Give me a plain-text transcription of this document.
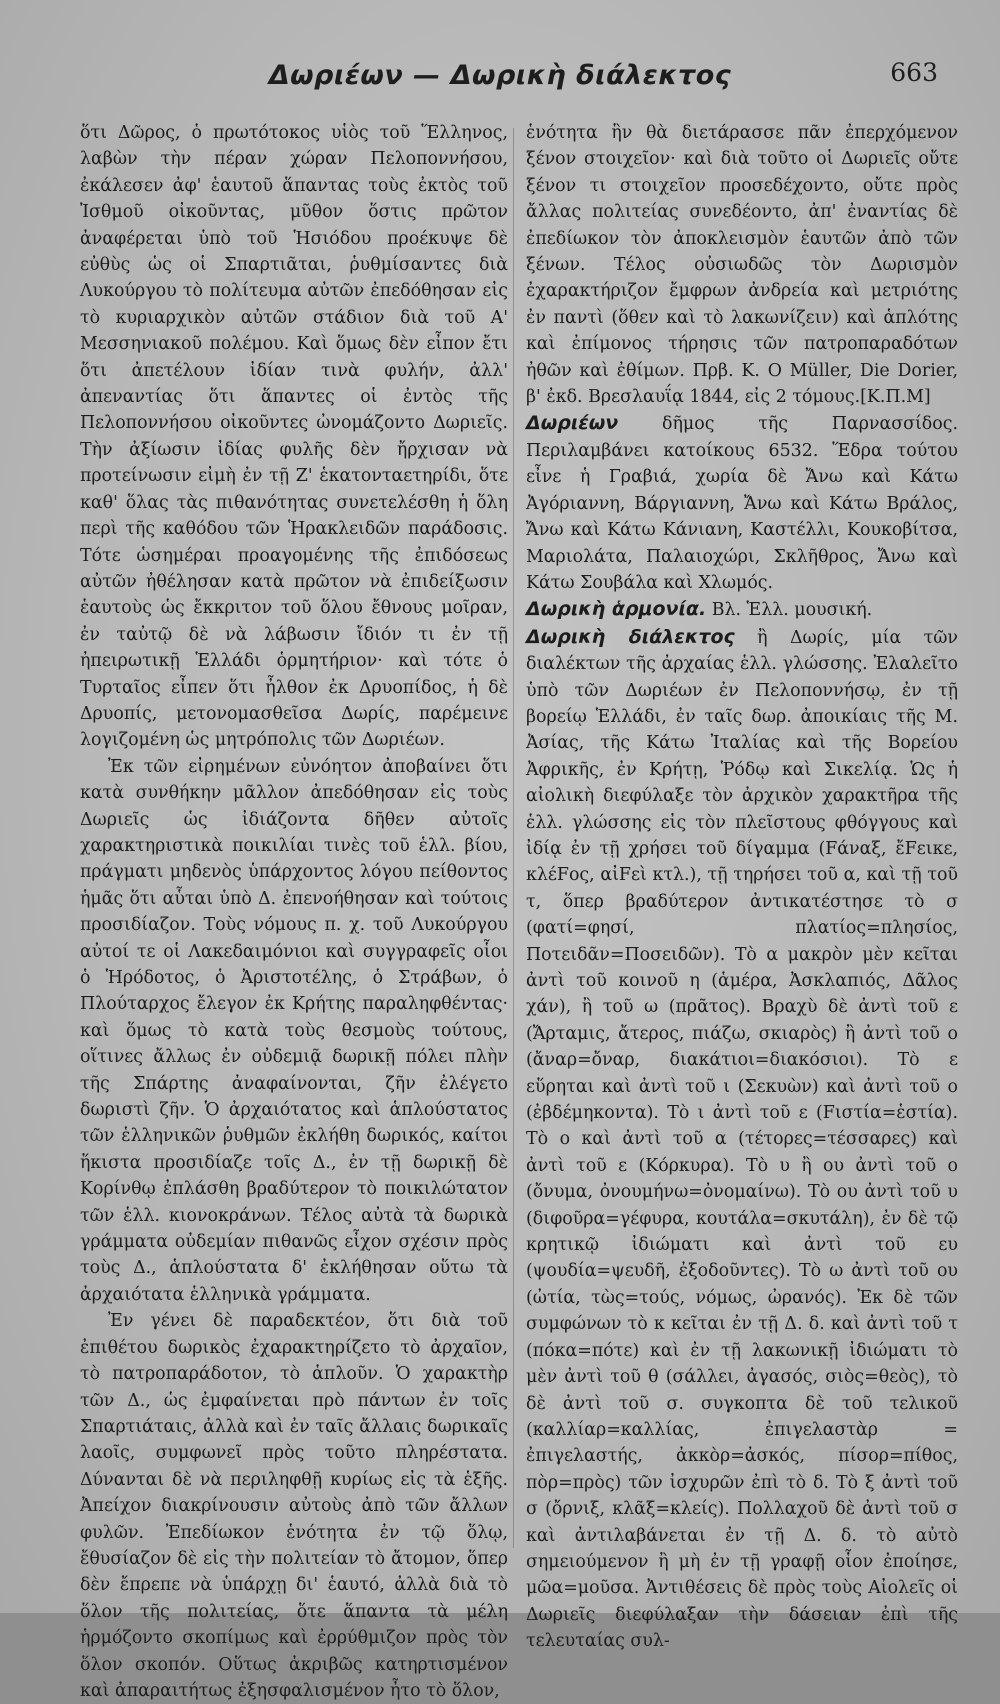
Δωριέων — Δωρικὴ διάλεκτος	663

ὅτι Δῶρος, ὁ πρωτότοκος υἱὸς τοῦ Ἕλληνος, λαβὼν τὴν πέραν χώραν Πελοποννήσου, ἐκάλεσεν ἀφ' ἑαυτοῦ ἅπαντας τοὺς ἐκτὸς τοῦ Ἰσθμοῦ οἰκοῦντας, μῦθον ὅστις πρῶτον ἀναφέρεται ὑπὸ τοῦ Ἡσιόδου προέκυψε δὲ εὐθὺς ὡς οἱ Σπαρτιᾶται, ῥυθμίσαντες διὰ Λυκούργου τὸ πολίτευμα αὐτῶν ἐπεδόθησαν εἰς τὸ κυριαρχικὸν αὐτῶν στάδιον διὰ τοῦ Α' Μεσσηνιακοῦ πολέμου. Καὶ ὅμως δὲν εἶπον ἔτι ὅτι ἀπετέλουν ἰδίαν τινὰ φυλήν, ἀλλ' ἀπεναντίας ὅτι ἅπαντες οἱ ἐντὸς τῆς Πελοποννήσου οἰκοῦντες ὠνομάζοντο Δωριεῖς. Τὴν ἀξίωσιν ἰδίας φυλῆς δὲν ἤρχισαν νὰ προτείνωσιν εἰμὴ ἐν τῇ Ζ' ἑκατονταετηρίδι, ὅτε καθ' ὅλας τὰς πιθανότητας συνετελέσθη ἡ ὅλη περὶ τῆς καθόδου τῶν Ἡρακλειδῶν παράδοσις. Τότε ὡσημέραι προαγομένης τῆς ἐπιδόσεως αὐτῶν ἠθέλησαν κατὰ πρῶτον νὰ ἐπιδείξωσιν ἑαυτοὺς ὡς ἔκκριτον τοῦ ὅλου ἔθνους μοῖραν, ἐν ταὐτῷ δὲ νὰ λάβωσιν ἴδιόν τι ἐν τῇ ἠπειρωτικῇ Ἑλλάδι ὁρμητήριον· καὶ τότε ὁ Τυρταῖος εἶπεν ὅτι ἦλθον ἐκ Δρυοπίδος, ἡ δὲ Δρυοπίς, μετονομασθεῖσα Δωρίς, παρέμεινε λογιζομένη ὡς μητρόπολις τῶν Δωριέων.

Ἐκ τῶν εἰρημένων εὐνόητον ἀποβαίνει ὅτι κατὰ συνθήκην μᾶλλον ἀπεδόθησαν εἰς τοὺς Δωριεῖς ὡς ἰδιάζοντα δῆθεν αὐτοῖς χαρακτηριστικὰ ποικιλίαι τινὲς τοῦ ἑλλ. βίου, πράγματι μηδενὸς ὑπάρχοντος λόγου πείθοντος ἡμᾶς ὅτι αὗται ὑπὸ Δ. ἐπενοήθησαν καὶ τούτοις προσιδίαζον. Τοὺς νόμους π. χ. τοῦ Λυκούργου αὐτοί τε οἱ Λακεδαιμόνιοι καὶ συγγραφεῖς οἷοι ὁ Ἡρόδοτος, ὁ Ἀριστοτέλης, ὁ Στράβων, ὁ Πλούταρχος ἔλεγον ἐκ Κρήτης παραληφθέντας· καὶ ὅμως τὸ κατὰ τοὺς θεσμοὺς τούτους, οἵτινες ἄλλως ἐν οὐδεμιᾷ δωρικῇ πόλει πλὴν τῆς Σπάρτης ἀναφαίνονται, ζῆν ἐλέγετο δωριστὶ ζῆν. Ὁ ἀρχαιότατος καὶ ἁπλούστατος τῶν ἑλληνικῶν ῥυθμῶν ἐκλήθη δωρικός, καίτοι ἥκιστα προσιδίαζε τοῖς Δ., ἐν τῇ δωρικῇ δὲ Κορίνθῳ ἐπλάσθη βραδύτερον τὸ ποικιλώτατον τῶν ἑλλ. κιονοκράνων. Τέλος αὐτὰ τὰ δωρικὰ γράμματα οὐδεμίαν πιθανῶς εἶχον σχέσιν πρὸς τοὺς Δ., ἁπλούστατα δ' ἐκλήθησαν οὕτω τὰ ἀρχαιότατα ἑλληνικὰ γράμματα.

Ἐν γένει δὲ παραδεκτέον, ὅτι διὰ τοῦ ἐπιθέτου δωρικὸς ἐχαρακτηρίζετο τὸ ἀρχαῖον, τὸ πατροπαράδοτον, τὸ ἁπλοῦν. Ὁ χαρακτὴρ τῶν Δ., ὡς ἐμφαίνεται πρὸ πάντων ἐν τοῖς Σπαρτιάταις, ἀλλὰ καὶ ἐν ταῖς ἄλλαις δωρικαῖς λαοῖς, συμφωνεῖ πρὸς τοῦτο πληρέστατα. Δύνανται δὲ νὰ περιληφθῇ κυρίως εἰς τὰ ἑξῆς. Ἀπείχον διακρίνουσιν αὐτοὺς ἀπὸ τῶν ἄλλων φυλῶν. Ἐπεδίωκον ἑνότητα ἐν τῷ ὅλῳ, ἔθυσίαζον δὲ εἰς τὴν πολιτείαν τὸ ἄτομον, ὅπερ δὲν ἔπρεπε νὰ ὑπάρχῃ δι' ἑαυτό, ἀλλὰ διὰ τὸ ὅλον τῆς πολιτείας, ὅτε ἅπαντα τὰ μέλη ἡρμόζοντο σκοπίμως καὶ ἐρρύθμιζον πρὸς τὸν ὅλον σκοπόν. Οὕτως ἀκριβῶς κατηρτισμένον καὶ ἀπαραιτήτως ἐξησφαλισμένον ἦτο τὸ ὅλον,

ἑνότητα ἣν θὰ διετάρασσε πᾶν ἐπερχόμενον ξένον στοιχεῖον· καὶ διὰ τοῦτο οἱ Δωριεῖς οὔτε ξένον τι στοιχεῖον προσεδέχοντο, οὔτε πρὸς ἄλλας πολιτείας συνεδέοντο, ἀπ' ἐναντίας δὲ ἐπεδίωκον τὸν ἀποκλεισμὸν ἑαυτῶν ἀπὸ τῶν ξένων. Τέλος οὐσιωδῶς τὸν Δωρισμὸν ἐχαρακτήριζον ἔμφρων ἀνδρεία καὶ μετριότης ἐν παντὶ (ὅθεν καὶ τὸ λακωνίζειν) καὶ ἁπλότης καὶ ἐπίμονος τήρησις τῶν πατροπαραδότων ἠθῶν καὶ ἐθίμων. Πρβ. K. O Müller, Die Dorier, β' ἐκδ. Βρεσλαυΐᾳ 1844, εἰς 2 τόμους.[Κ.Π.Μ]

Δωριέων δῆμος τῆς Παρνασσίδος. Περιλαμβάνει κατοίκους 6532. Ἕδρα τούτου εἶνε ἡ Γραβιά, χωρία δὲ Ἄνω καὶ Κάτω Ἀγόριαννη, Βάργιαννη, Ἄνω καὶ Κάτω Βράλος, Ἄνω καὶ Κάτω Κάνιανη, Καστέλλι, Κουκοβίτσα, Μαριολάτα, Παλαιοχώρι, Σκλῆθρος, Ἄνω καὶ Κάτω Σουβάλα καὶ Χλωμός.

Δωρικὴ ἁρμονία. Βλ. Ἑλλ. μουσική.

Δωρικὴ διάλεκτος ἢ Δωρίς, μία τῶν διαλέκτων τῆς ἀρχαίας ἑλλ. γλώσσης. Ἐλαλεῖτο ὑπὸ τῶν Δωριέων ἐν Πελοποννήσῳ, ἐν τῇ βορείῳ Ἑλλάδι, ἐν ταῖς δωρ. ἀποικίαις τῆς Μ. Ἀσίας, τῆς Κάτω Ἰταλίας καὶ τῆς Βορείου Ἀφρικῆς, ἐν Κρήτῃ, Ῥόδῳ καὶ Σικελίᾳ. Ὡς ἡ αἰολικὴ διεφύλαξε τὸν ἀρχικὸν χαρακτῆρα τῆς ἑλλ. γλώσσης εἰς τὸν πλεῖστους φθόγγους καὶ ἰδίᾳ ἐν τῇ χρήσει τοῦ δίγαμμα (Fάναξ, ἔFεικε, κλέFος, αἰFεὶ κτλ.), τῇ τηρήσει τοῦ α, καὶ τῇ τοῦ τ, ὅπερ βραδύτερον ἀντικατέστησε τὸ σ (φατί=φησί, πλατίος=πλησίος, Ποτειδᾶν=Ποσειδῶν). Τὸ α μακρὸν μὲν κεῖται ἀντὶ τοῦ κοινοῦ η (ἁμέρα, Ἀσκλαπιός, Δᾶλος χάν), ἢ τοῦ ω (πρᾶτος). Βραχὺ δὲ ἀντὶ τοῦ ε (Ἄρταμις, ἄτερος, πιάζω, σκιαρὸς) ἢ ἀντὶ τοῦ ο (ἄναρ=ὄναρ, διακάτιοι=διακόσιοι). Τὸ ε εὕρηται καὶ ἀντὶ τοῦ ι (Σεκυὼν) καὶ ἀντὶ τοῦ ο (ἐβδέμηκοντα). Τὸ ι ἀντὶ τοῦ ε (Fιστία=ἑστία). Τὸ ο καὶ ἀντὶ τοῦ α (τέτορες=τέσσαρες) καὶ ἀντὶ τοῦ ε (Κόρκυρα). Τὸ υ ἢ ου ἀντὶ τοῦ ο (ὄνυμα, ὀνουμήνω=ὀνομαίνω). Τὸ ου ἀντὶ τοῦ υ (διφοῦρα=γέφυρα, κουτάλα=σκυτάλη), ἐν δὲ τῷ κρητικῷ ἰδιώματι καὶ ἀντὶ τοῦ ευ (ψουδία=ψευδῆ, ἐξοδοῦντες). Τὸ ω ἀντὶ τοῦ ου (ὠτία, τὼς=τούς, νόμως, ὠρανός). Ἐκ δὲ τῶν συμφώνων τὸ κ κεῖται ἐν τῇ Δ. δ. καὶ ἀντὶ τοῦ τ (πόκα=πότε) καὶ ἐν τῇ λακωνικῇ ἰδιώματι τὸ μὲν ἀντὶ τοῦ θ (σάλλει, ἀγασός, σιὸς=θεὸς), τὸ δὲ ἀντὶ τοῦ σ. συγκοπτα δὲ τοῦ τελικοῦ (καλλίαρ=καλλίας, ἐπιγελαστὰρ = ἐπιγελαστής, ἀκκὸρ=ἀσκός, πίσορ=πίθος, πὸρ=πρὸς) τῶν ἰσχυρῶν ἐπὶ τὸ δ. Τὸ ξ ἀντὶ τοῦ σ (ὄρνιξ, κλᾶξ=κλείς). Πολλαχοῦ δὲ ἀντὶ τοῦ σ καὶ ἀντιλαβάνεται ἐν τῇ Δ. δ. τὸ αὐτὸ σημειούμενον ἢ μὴ ἐν τῇ γραφῇ οἷον ἐποίησε, μῶα=μοῦσα. Ἀντιθέσεις δὲ πρὸς τοὺς Αἰολεῖς οἱ Δωριεῖς διεφύλαξαν τὴν δάσειαν ἐπὶ τῆς τελευταίας συλ-
